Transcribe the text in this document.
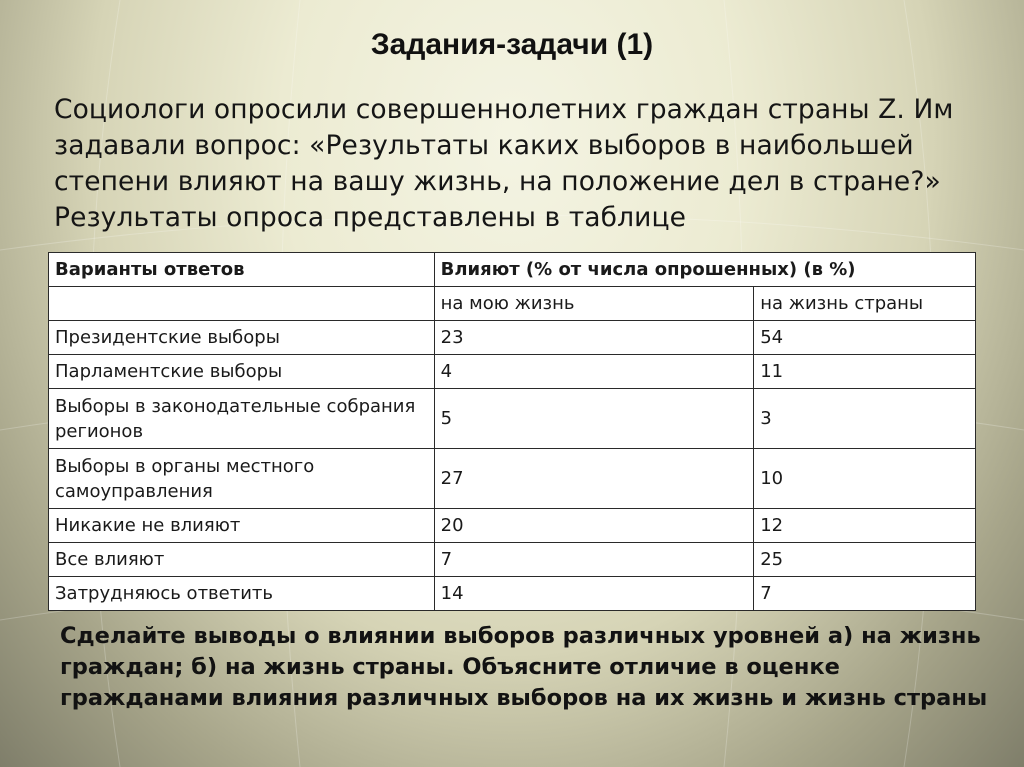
Задания-задачи (1)
Социологи опросили совершеннолетних граждан страны Z. Им задавали вопрос: «Результаты каких выборов в наибольшей степени влияют на вашу жизнь, на положение дел в стране?» Результаты опроса представлены в таблице
Варианты ответов	Влияют (% от числа опрошенных) (в %)	
	на мою жизнь	на жизнь страны
Президентские выборы	23	54
Парламентские выборы	4	11
Выборы в законодательные собрания регионов	5	3
Выборы в органы местного самоуправления	27	10
Никакие не влияют	20	12
Все влияют	7	25
Затрудняюсь ответить	14	7
Сделайте выводы о влиянии выборов различных уровней а) на жизнь граждан; б) на жизнь страны. Объясните отличие в оценке гражданами влияния различных выборов на их жизнь и жизнь страны
